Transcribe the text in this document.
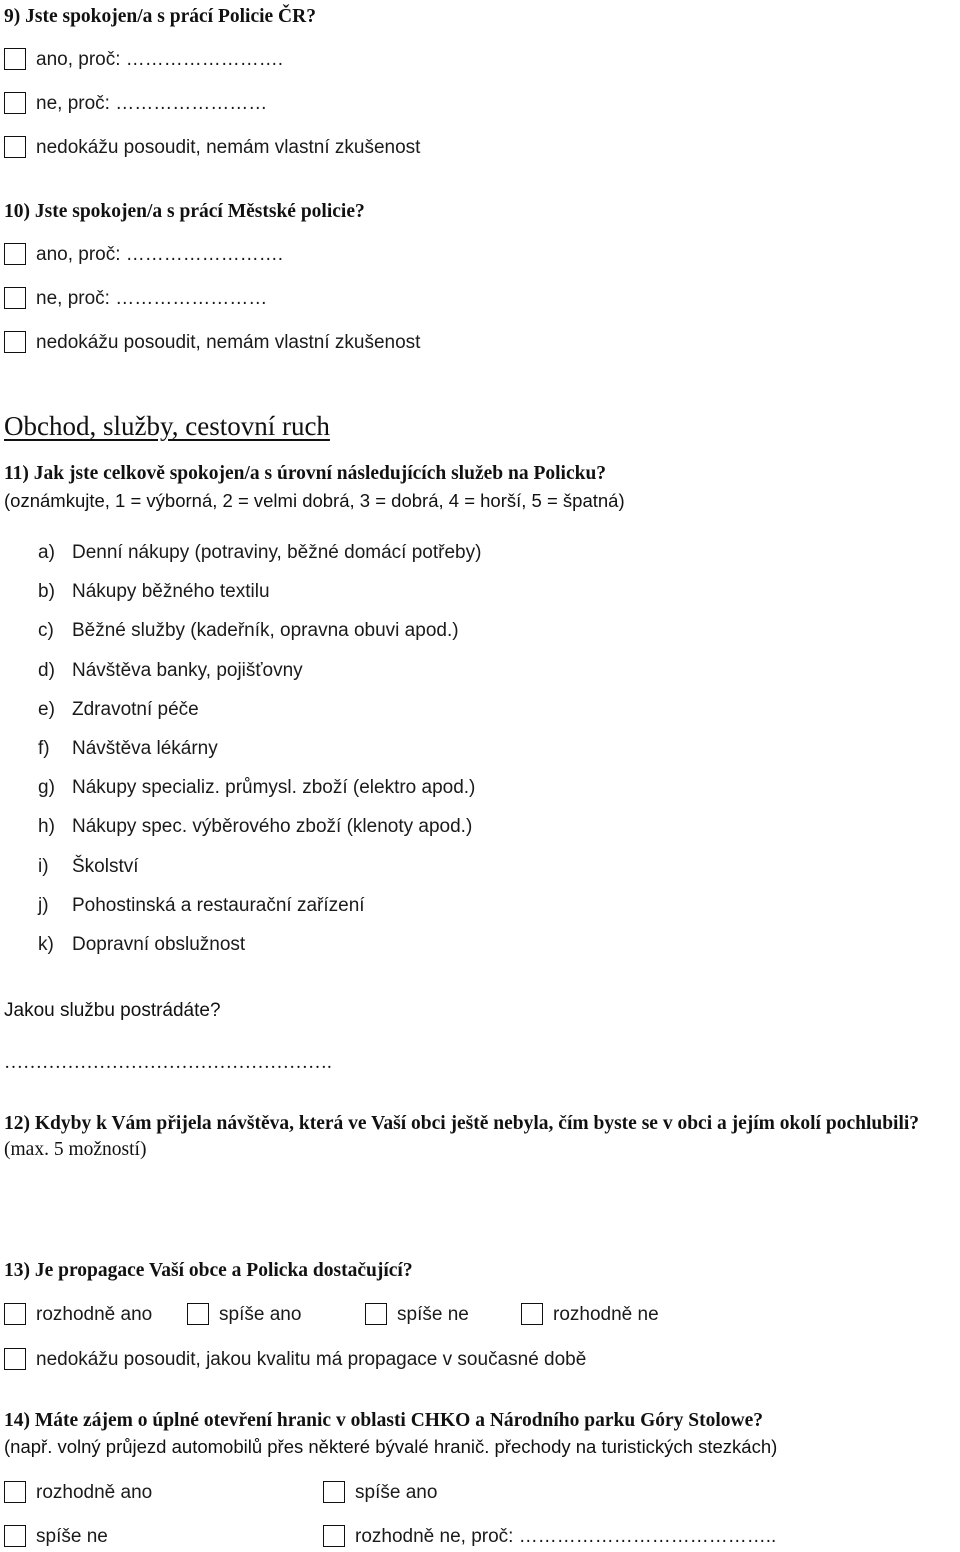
9) Jste spokojen/a s prácí Policie ČR?
ano, proč: …………………….
ne, proč: ……………………
nedokážu posoudit, nemám vlastní zkušenost
10) Jste spokojen/a s prácí Městské policie?
ano, proč: …………………….
ne, proč: ……………………
nedokážu posoudit, nemám vlastní zkušenost
Obchod, služby, cestovní ruch
11) Jak jste celkově spokojen/a s úrovní následujících služeb na Policku?
(oznámkujte, 1 = výborná, 2 = velmi dobrá, 3 = dobrá, 4 = horší, 5 = špatná)
a) Denní nákupy (potraviny, běžné domácí potřeby)
b) Nákupy běžného textilu
c) Běžné služby (kadeřník, opravna obuvi apod.)
d) Návštěva banky, pojišťovny
e) Zdravotní péče
f) Návštěva lékárny
g) Nákupy specializ. průmysl. zboží (elektro apod.)
h) Nákupy spec. výběrového zboží (klenoty apod.)
i) Školství
j) Pohostinská a restaurační zařízení
k) Dopravní obslužnost
Jakou službu postrádáte?
…………………………………………….
12) Kdyby k Vám přijela návštěva, která ve Vaší obci ještě nebyla, čím byste se v obci a jejím okolí pochlubili? (max. 5 možností)
13) Je propagace Vaší obce a Policka dostačující?
rozhodně ano	spíše ano	spíše ne	rozhodně ne
nedokážu posoudit, jakou kvalitu má propagace v současné době
14) Máte zájem o úplné otevření hranic v oblasti CHKO a Národního parku Góry Stolowe?
(např. volný průjezd automobilů přes některé bývalé hranič. přechody na turistických stezkách)
rozhodně ano	spíše ano
spíše ne	rozhodně ne, proč: …………………………………..
